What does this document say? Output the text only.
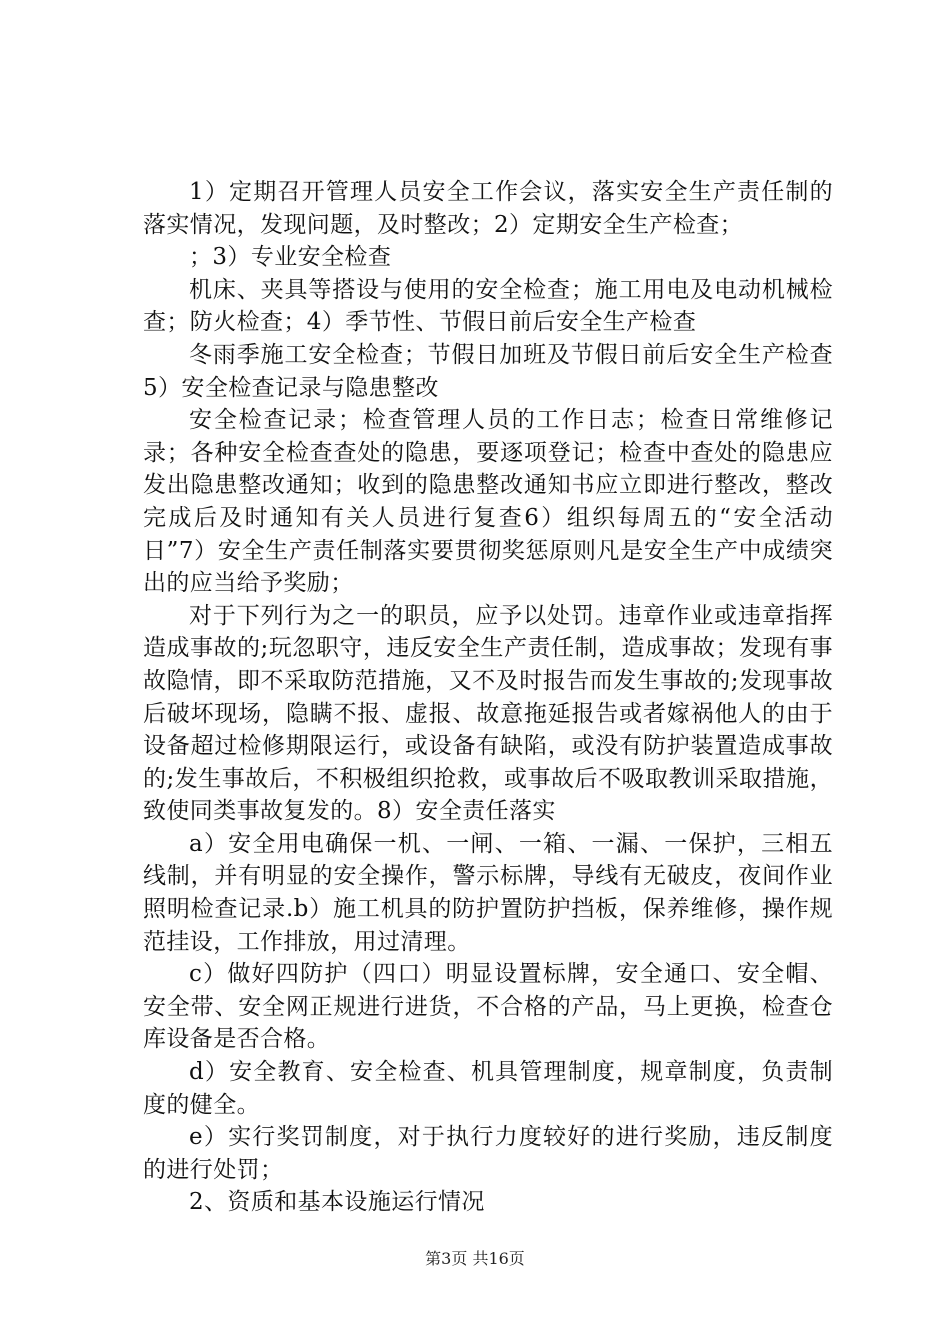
1）定期召开管理人员安全工作会议，落实安全生产责任制的落实情况，发现问题，及时整改；2）定期安全生产检查；

；3）专业安全检查

机床、夹具等搭设与使用的安全检查；施工用电及电动机械检查；防火检查；4）季节性、节假日前后安全生产检查

冬雨季施工安全检查；节假日加班及节假日前后安全生产检查5）安全检查记录与隐患整改

安全检查记录；检查管理人员的工作日志；检查日常维修记录；各种安全检查查处的隐患，要逐项登记；检查中查处的隐患应发出隐患整改通知；收到的隐患整改通知书应立即进行整改，整改完成后及时通知有关人员进行复查6）组织每周五的“安全活动日”7）安全生产责任制落实要贯彻奖惩原则凡是安全生产中成绩突出的应当给予奖励；

对于下列行为之一的职员，应予以处罚。违章作业或违章指挥造成事故的;玩忽职守，违反安全生产责任制，造成事故；发现有事故隐情，即不采取防范措施，又不及时报告而发生事故的;发现事故后破坏现场，隐瞒不报、虚报、故意拖延报告或者嫁祸他人的由于设备超过检修期限运行，或设备有缺陷，或没有防护装置造成事故的;发生事故后，不积极组织抢救，或事故后不吸取教训采取措施，致使同类事故复发的。8）安全责任落实

a）安全用电确保一机、一闸、一箱、一漏、一保护，三相五线制，并有明显的安全操作，警示标牌，导线有无破皮，夜间作业照明检查记录.b）施工机具的防护置防护挡板，保养维修，操作规范挂设，工作排放，用过清理。

c）做好四防护（四口）明显设置标牌，安全通口、安全帽、安全带、安全网正规进行进货，不合格的产品，马上更换，检查仓库设备是否合格。

d）安全教育、安全检查、机具管理制度，规章制度，负责制度的健全。

e）实行奖罚制度，对于执行力度较好的进行奖励，违反制度的进行处罚；

2、资质和基本设施运行情况

第3页 共16页
